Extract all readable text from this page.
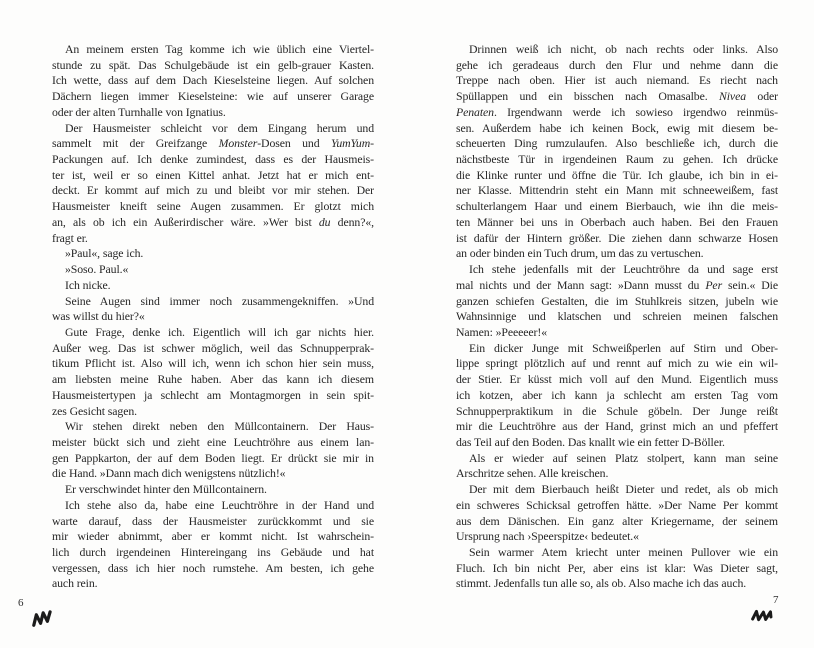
An meinem ersten Tag komme ich wie üblich eine Viertel-
stunde zu spät. Das Schulgebäude ist ein gelb-grauer Kasten.
Ich wette, dass auf dem Dach Kieselsteine liegen. Auf solchen
Dächern liegen immer Kieselsteine: wie auf unserer Garage
oder der alten Turnhalle von Ignatius.
Der Hausmeister schleicht vor dem Eingang herum und
sammelt mit der Greifzange Monster-Dosen und YumYum-
Packungen auf. Ich denke zumindest, dass es der Hausmeis-
ter ist, weil er so einen Kittel anhat. Jetzt hat er mich ent-
deckt. Er kommt auf mich zu und bleibt vor mir stehen. Der
Hausmeister kneift seine Augen zusammen. Er glotzt mich
an, als ob ich ein Außerirdischer wäre. »Wer bist du denn?«,
fragt er.
»Paul«, sage ich.
»Soso. Paul.«
Ich nicke.
Seine Augen sind immer noch zusammengekniffen. »Und
was willst du hier?«
Gute Frage, denke ich. Eigentlich will ich gar nichts hier.
Außer weg. Das ist schwer möglich, weil das Schnupperprak-
tikum Pflicht ist. Also will ich, wenn ich schon hier sein muss,
am liebsten meine Ruhe haben. Aber das kann ich diesem
Hausmeistertypen ja schlecht am Montagmorgen in sein spit-
zes Gesicht sagen.
Wir stehen direkt neben den Müllcontainern. Der Haus-
meister bückt sich und zieht eine Leuchtröhre aus einem lan-
gen Pappkarton, der auf dem Boden liegt. Er drückt sie mir in
die Hand. »Dann mach dich wenigstens nützlich!«
Er verschwindet hinter den Müllcontainern.
Ich stehe also da, habe eine Leuchtröhre in der Hand und
warte darauf, dass der Hausmeister zurückkommt und sie
mir wieder abnimmt, aber er kommt nicht. Ist wahrschein-
lich durch irgendeinen Hintereingang ins Gebäude und hat
vergessen, dass ich hier noch rumstehe. Am besten, ich gehe
auch rein.
Drinnen weiß ich nicht, ob nach rechts oder links. Also
gehe ich geradeaus durch den Flur und nehme dann die
Treppe nach oben. Hier ist auch niemand. Es riecht nach
Spüllappen und ein bisschen nach Omasalbe. Nivea oder
Penaten. Irgendwann werde ich sowieso irgendwo reinmüs-
sen. Außerdem habe ich keinen Bock, ewig mit diesem be-
scheuerten Ding rumzulaufen. Also beschließe ich, durch die
nächstbeste Tür in irgendeinen Raum zu gehen. Ich drücke
die Klinke runter und öffne die Tür. Ich glaube, ich bin in ei-
ner Klasse. Mittendrin steht ein Mann mit schneeweißem, fast
schulterlangem Haar und einem Bierbauch, wie ihn die meis-
ten Männer bei uns in Oberbach auch haben. Bei den Frauen
ist dafür der Hintern größer. Die ziehen dann schwarze Hosen
an oder binden ein Tuch drum, um das zu vertuschen.
Ich stehe jedenfalls mit der Leuchtröhre da und sage erst
mal nichts und der Mann sagt: »Dann musst du Per sein.« Die
ganzen schiefen Gestalten, die im Stuhlkreis sitzen, jubeln wie
Wahnsinnige und klatschen und schreien meinen falschen
Namen: »Peeeeer!«
Ein dicker Junge mit Schweißperlen auf Stirn und Ober-
lippe springt plötzlich auf und rennt auf mich zu wie ein wil-
der Stier. Er küsst mich voll auf den Mund. Eigentlich muss
ich kotzen, aber ich kann ja schlecht am ersten Tag vom
Schnupperpraktikum in die Schule göbeln. Der Junge reißt
mir die Leuchtröhre aus der Hand, grinst mich an und pfeffert
das Teil auf den Boden. Das knallt wie ein fetter D-Böller.
Als er wieder auf seinen Platz stolpert, kann man seine
Arschritze sehen. Alle kreischen.
Der mit dem Bierbauch heißt Dieter und redet, als ob mich
ein schweres Schicksal getroffen hätte. »Der Name Per kommt
aus dem Dänischen. Ein ganz alter Kriegername, der seinem
Ursprung nach ›Speerspitze‹ bedeutet.«
Sein warmer Atem kriecht unter meinen Pullover wie ein
Fluch. Ich bin nicht Per, aber eins ist klar: Was Dieter sagt,
stimmt. Jedenfalls tun alle so, als ob. Also mache ich das auch.
6	7
